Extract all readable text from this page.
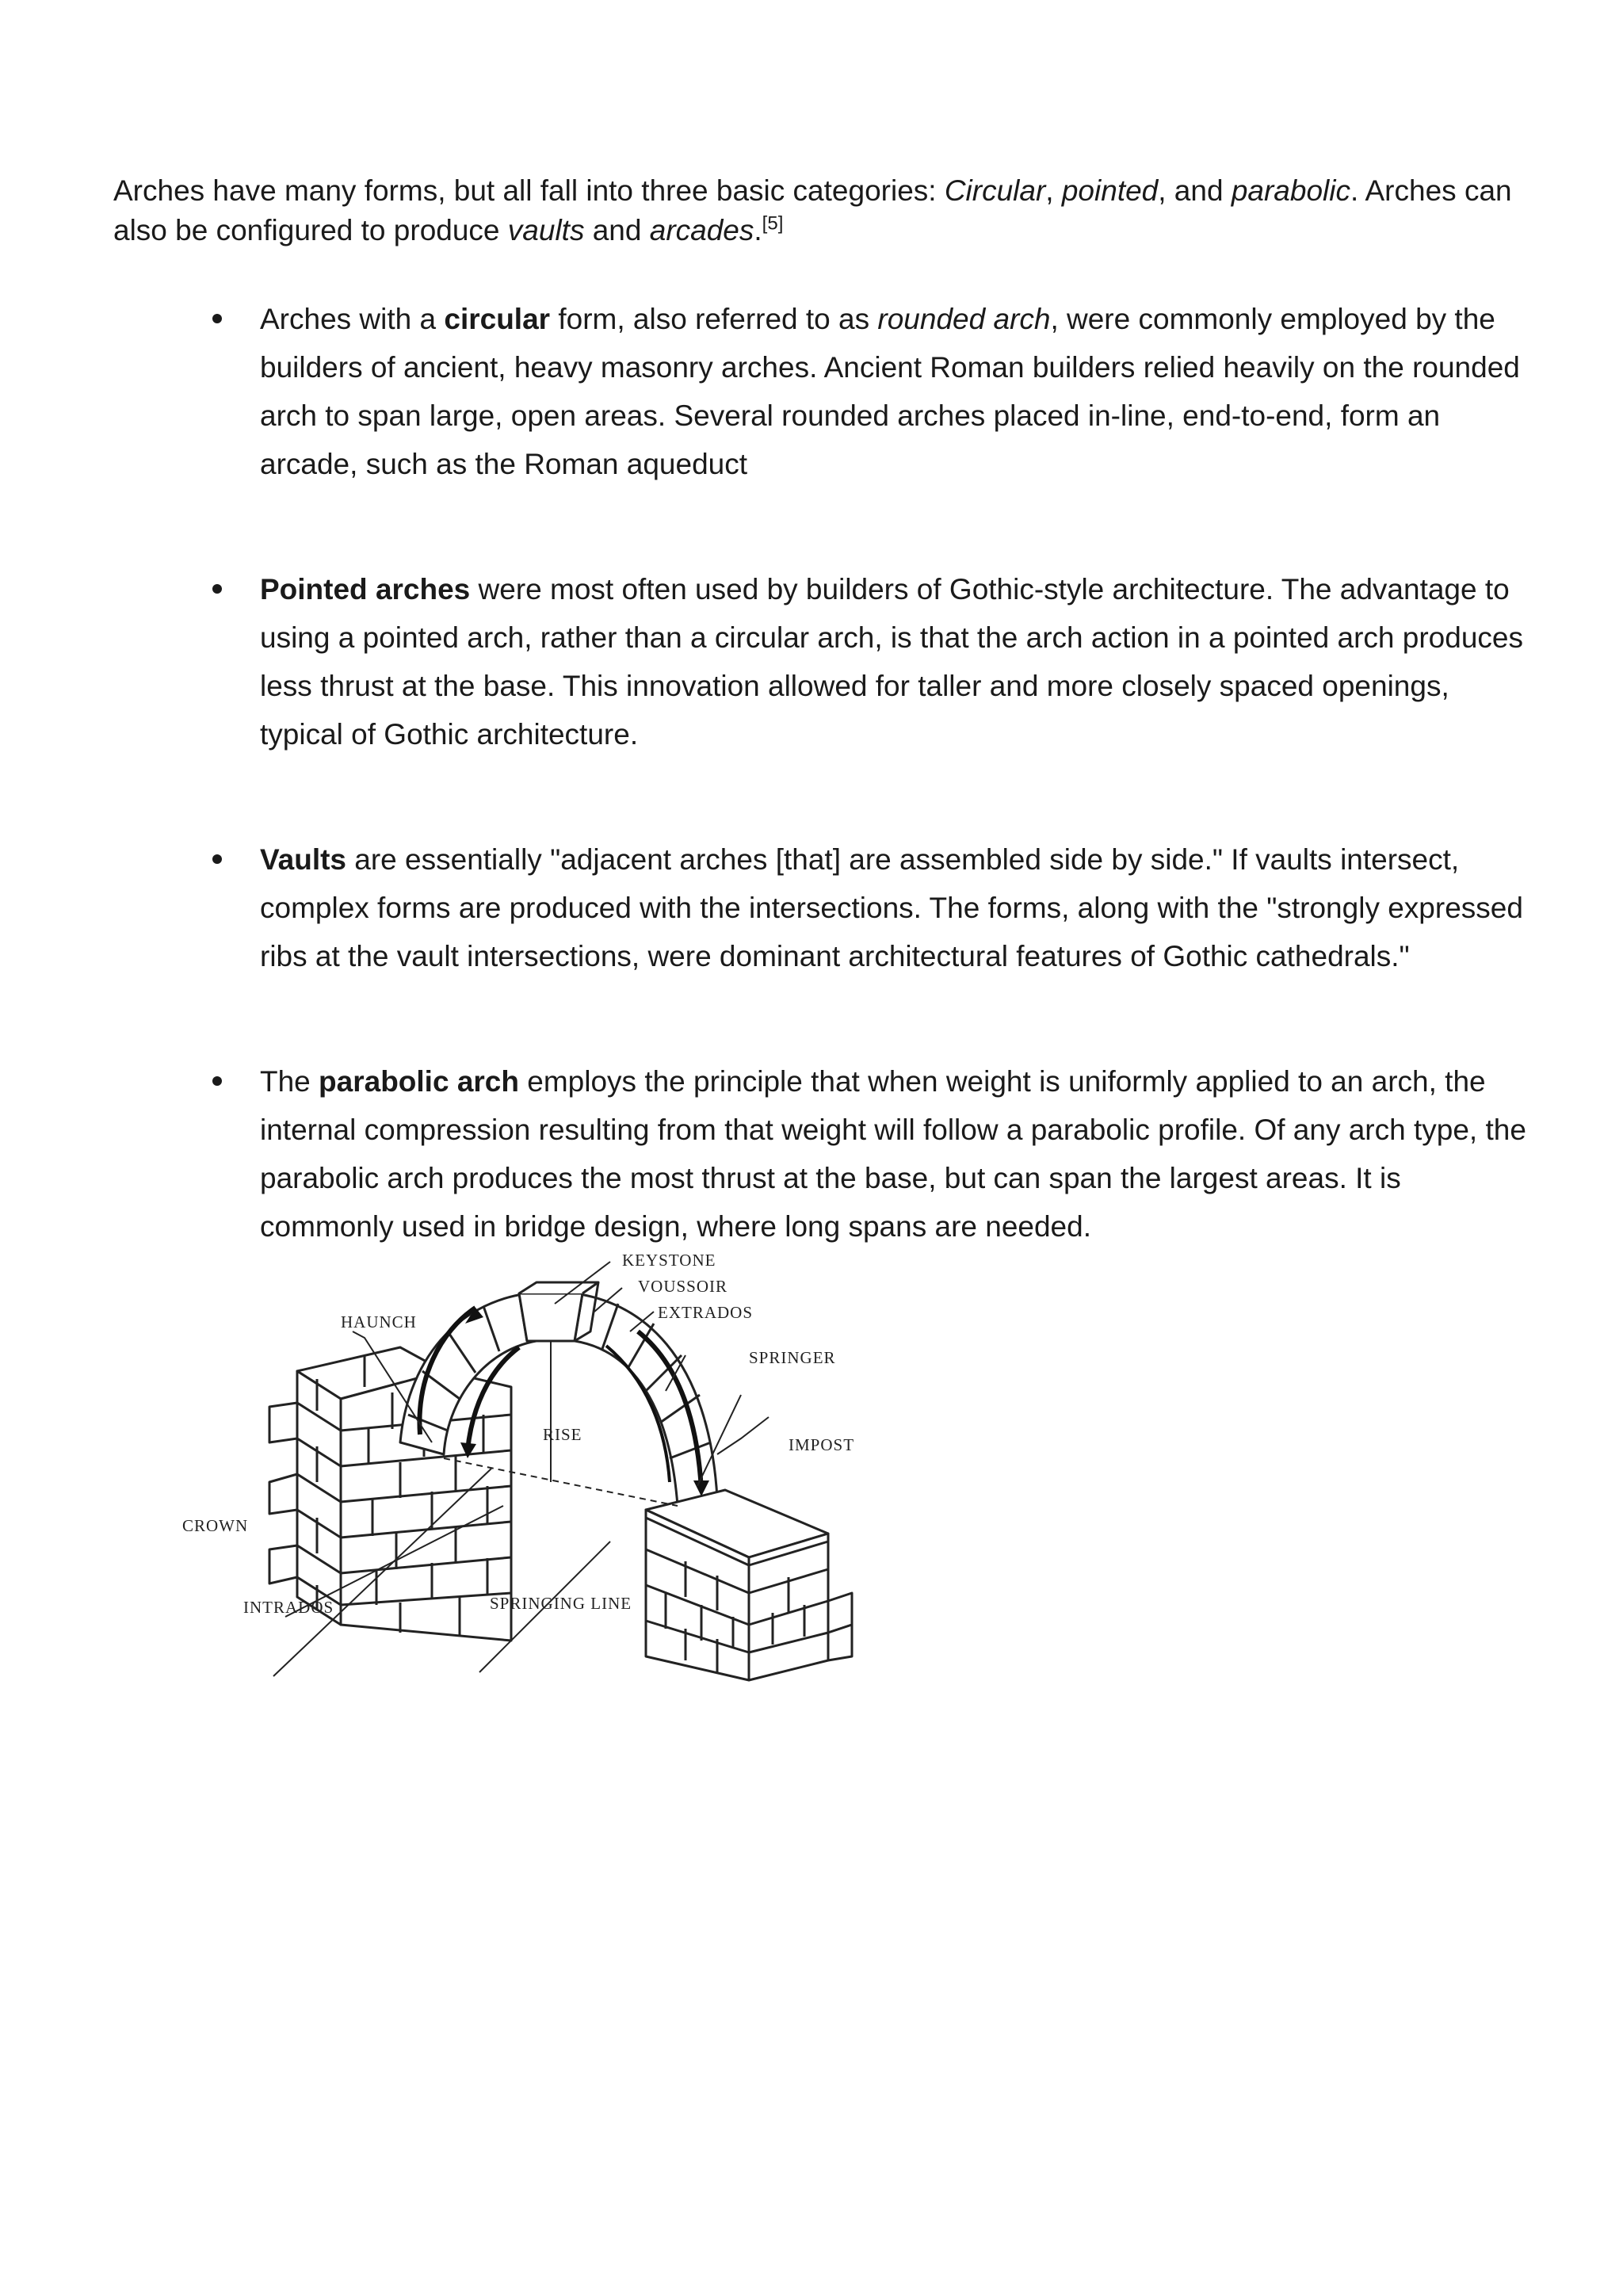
Arches have many forms, but all fall into three basic categories: Circular, pointed, and parabolic. Arches can also be configured to produce vaults and arcades.[5]

Arches with a circular form, also referred to as rounded arch, were commonly employed by the builders of ancient, heavy masonry arches. Ancient Roman builders relied heavily on the rounded arch to span large, open areas. Several rounded arches placed in-line, end-to-end, form an arcade, such as the Roman aqueduct
Pointed arches were most often used by builders of Gothic-style architecture. The advantage to using a pointed arch, rather than a circular arch, is that the arch action in a pointed arch produces less thrust at the base. This innovation allowed for taller and more closely spaced openings, typical of Gothic architecture.
Vaults are essentially "adjacent arches [that] are assembled side by side." If vaults intersect, complex forms are produced with the intersections. The forms, along with the "strongly expressed ribs at the vault intersections, were dominant architectural features of Gothic cathedrals."
The parabolic arch employs the principle that when weight is uniformly applied to an arch, the internal compression resulting from that weight will follow a parabolic profile. Of any arch type, the parabolic arch produces the most thrust at the base, but can span the largest areas. It is commonly used in bridge design, where long spans are needed.
KEYSTONE
VOUSSOIR
EXTRADOS
HAUNCH
SPRINGER
RISE
IMPOST
CROWN
INTRADOS	SPRINGING LINE
